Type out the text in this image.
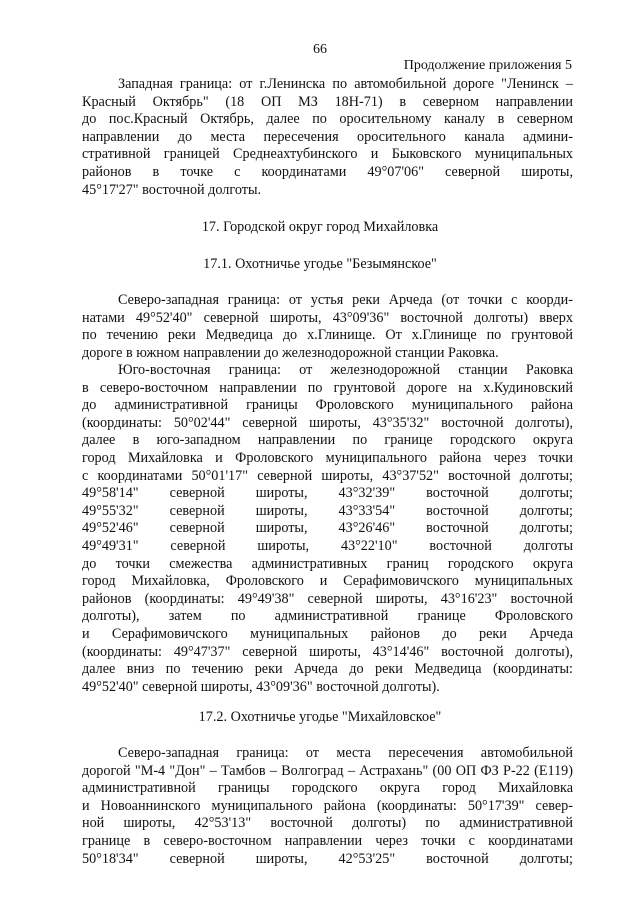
66
Продолжение приложения 5
Западная граница: от г.Ленинска по автомобильной дороге "Ленинск –
Красный Октябрь" (18 ОП МЗ 18Н-71) в северном направлении
до пос.Красный Октябрь, далее по оросительному каналу в северном
направлении до места пересечения оросительного канала админи-
стративной границей Среднеахтубинского и Быковского муниципальных
районов в точке с координатами 49°07'06" северной широты,
45°17'27" восточной долготы.
17. Городской округ город Михайловка
17.1. Охотничье угодье "Безымянское"
Северо-западная граница: от устья реки Арчеда (от точки с коорди-
натами 49°52'40" северной широты, 43°09'36" восточной долготы) вверх
по течению реки Медведица до х.Глинище. От х.Глинище по грунтовой
дороге в южном направлении до железнодорожной станции Раковка.
Юго-восточная граница: от железнодорожной станции Раковка
в северо-восточном направлении по грунтовой дороге на х.Кудиновский
до административной границы Фроловского муниципального района
(координаты: 50°02'44" северной широты, 43°35'32" восточной долготы),
далее в юго-западном направлении по границе городского округа
город Михайловка и Фроловского муниципального района через точки
с координатами 50°01'17" северной широты, 43°37'52" восточной долготы;
49°58'14" северной широты, 43°32'39" восточной долготы;
49°55'32" северной широты, 43°33'54" восточной долготы;
49°52'46" северной широты, 43°26'46" восточной долготы;
49°49'31" северной широты, 43°22'10" восточной долготы
до точки смежества административных границ городского округа
город Михайловка, Фроловского и Серафимовичского муниципальных
районов (координаты: 49°49'38" северной широты, 43°16'23" восточной
долготы), затем по административной границе Фроловского
и Серафимовичского муниципальных районов до реки Арчеда
(координаты: 49°47'37" северной широты, 43°14'46" восточной долготы),
далее вниз по течению реки Арчеда до реки Медведица (координаты:
49°52'40" северной широты, 43°09'36" восточной долготы).
17.2. Охотничье угодье "Михайловское"
Северо-западная граница: от места пересечения автомобильной
дорогой "М-4 "Дон" – Тамбов – Волгоград – Астрахань" (00 ОП ФЗ Р-22 (Е119)
административной границы городского округа город Михайловка
и Новоаннинского муниципального района (координаты: 50°17'39" север-
ной широты, 42°53'13" восточной долготы) по административной
границе в северо-восточном направлении через точки с координатами
50°18'34" северной широты, 42°53'25" восточной долготы;
